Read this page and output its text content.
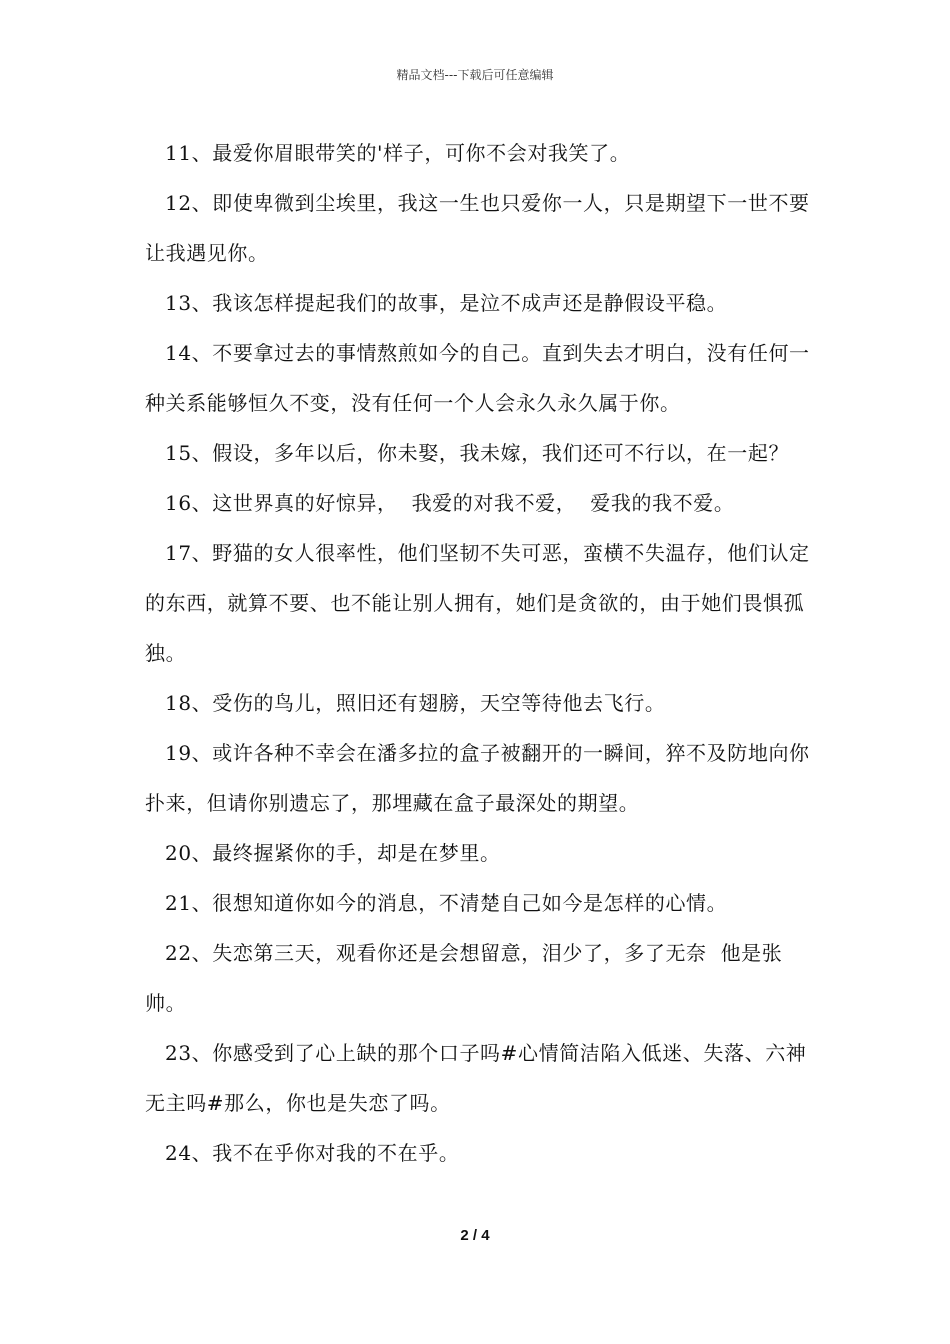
精品文档---下载后可任意编辑

11、最爱你眉眼带笑的'样子，可你不会对我笑了。

12、即使卑微到尘埃里，我这一生也只爱你一人，只是期望下一世不要让我遇见你。

13、我该怎样提起我们的故事，是泣不成声还是静假设平稳。

14、不要拿过去的事情熬煎如今的自己。直到失去才明白，没有任何一种关系能够恒久不变，没有任何一个人会永久永久属于你。

15、假设，多年以后，你未娶，我未嫁，我们还可不行以，在一起？

16、这世界真的好惊异，  我爱的对我不爱，  爱我的我不爱。

17、野猫的女人很率性，他们坚韧不失可恶，蛮横不失温存，他们认定的东西，就算不要、也不能让别人拥有，她们是贪欲的，由于她们畏惧孤独。

18、受伤的鸟儿，照旧还有翅膀，天空等待他去飞行。

19、或许各种不幸会在潘多拉的盒子被翻开的一瞬间，猝不及防地向你扑来，但请你别遗忘了，那埋藏在盒子最深处的期望。

20、最终握紧你的手，却是在梦里。

21、很想知道你如今的消息，不清楚自己如今是怎样的心情。

22、失恋第三天，观看你还是会想留意，泪少了，多了无奈  他是张帅。

23、你感受到了心上缺的那个口子吗#心情简洁陷入低迷、失落、六神无主吗#那么，你也是失恋了吗。

24、我不在乎你对我的不在乎。

2 / 4
